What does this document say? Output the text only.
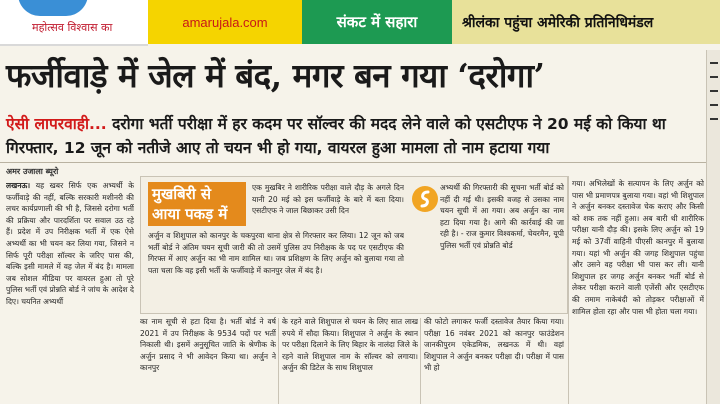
महोत्सव विश्वास का	amarujala.com	संकट में सहारा	श्रीलंका पहुंचा अमेरिकी प्रतिनिधिमंडल
फर्जीवाड़े में जेल में बंद, मगर बन गया ‘दरोगा’
ऐसी लापरवाही... दरोगा भर्ती परीक्षा में हर कदम पर सॉल्वर की मदद लेने वाले को एसटीएफ ने 20 मई को किया था गिरफ्तार, 12 जून को नतीजे आए तो चयन भी हो गया, वायरल हुआ मामला तो नाम हटाया गया
अमर उजाला ब्यूरो
लखनऊ। यह खबर सिर्फ एक अभ्यर्थी के फर्जीवाड़े की नहीं, बल्कि सरकारी मशीनरी की लचर कार्यप्रणाली की भी है, जिससे दरोगा भर्ती की प्रक्रिया और पारदर्शिता पर सवाल उठ रहे हैं। प्रदेश में उप निरीक्षक भर्ती में एक ऐसे अभ्यर्थी का भी चयन कर लिया गया, जिसने न सिर्फ पूरी परीक्षा सॉल्वर के जरिए पास की, बल्कि इसी मामले में वह जेल में बंद है। मामला जब सोशल मीडिया पर वायरल हुआ तो पूरे पुलिस भर्ती एवं प्रोन्नति बोर्ड ने जांच के आदेश दे दिए। चयनित अभ्यर्थी
मुखबिरी से आया पकड़ में
एक मुखबिर ने शारीरिक परीक्षा वाले दौड़ के अगले दिन यानी 20 मई को इस फर्जीवाड़े के बारे में बता दिया। एसटीएफ ने जाल बिछाकर उसी दिन
अर्जुन व शिशुपाल को कानपुर के चकपुरवा थाना क्षेत्र से गिरफ्तार कर लिया। 12 जून को जब भर्ती बोर्ड ने अंतिम चयन सूची जारी की तो उसमें पुलिस उप निरीक्षक के पद पर एसटीएफ की गिरफ्त में आए अर्जुन का भी नाम शामिल था। जब प्रशिक्षण के लिए अर्जुन को बुलाया गया तो पता चला कि वह इसी भर्ती के फर्जीवाड़े में कानपुर जेल में बंद है।
अभ्यर्थी की गिरफ्तारी की सूचना भर्ती बोर्ड को नहीं दी गई थी। इसकी वजह से उसका नाम चयन सूची में आ गया। अब अर्जुन का नाम हटा दिया गया है। आगे की कार्रवाई की जा रही है। - राज कुमार विश्वकर्मा, चेयरमैन, यूपी पुलिस भर्ती एवं प्रोन्नति बोर्ड
का नाम सूची से हटा दिया है। भर्ती बोर्ड ने वर्ष 2021 में उप निरीक्षक के 9534 पदों पर भर्ती निकाली थी। इसमें अनुसूचित जाति के श्रेणीक के अर्जुन प्रसाद ने भी आवेदन किया था। अर्जुन ने कानपुर
के रहने वाले शिशुपाल से चयन के लिए सात लाख रुपये में सौदा किया। शिशुपाल ने अर्जुन के स्थान पर परीक्षा दिलाने के लिए बिहार के नालंदा जिले के रहने वाले शिशुपाल नाम के सॉल्वर को लगाया। अर्जुन की डिटेल के साथ शिशुपाल
की फोटो लगाकर फर्जी दस्तावेज तैयार किया गया। परीक्षा 16 नवंबर 2021 को कानपुर फाउंडेशन जानकीपुरम एकेडमिक, लखनऊ में थी। वहां शिशुपाल ने अर्जुन बनकर परीक्षा दी। परीक्षा में पास भी हो
गया। अभिलेखों के सत्यापन के लिए अर्जुन को पास भी प्रमाणपत्र बुलाया गया। वहां भी शिशुपाल ने अर्जुन बनकर दस्तावेज चेक कराए और किसी को शक तक नहीं हुआ। अब बारी थी शारीरिक परीक्षा यानी दौड़ की। इसके लिए अर्जुन को 19 मई को 37वीं वाहिनी पीएसी कानपुर में बुलाया गया। यहां भी अर्जुन की जगह शिशुपाल पहुंचा और उसने वह परीक्षा भी पास कर ली। यानी शिशुपाल हर जगह अर्जुन बनकर भर्ती बोर्ड से लेकर परीक्षा कराने वाली एजेंसी और एसटीएफ की तमाम नाकेबंदी को तोड़कर परीक्षाओं में शामिल होता रहा और पास भी होता चला गया।
